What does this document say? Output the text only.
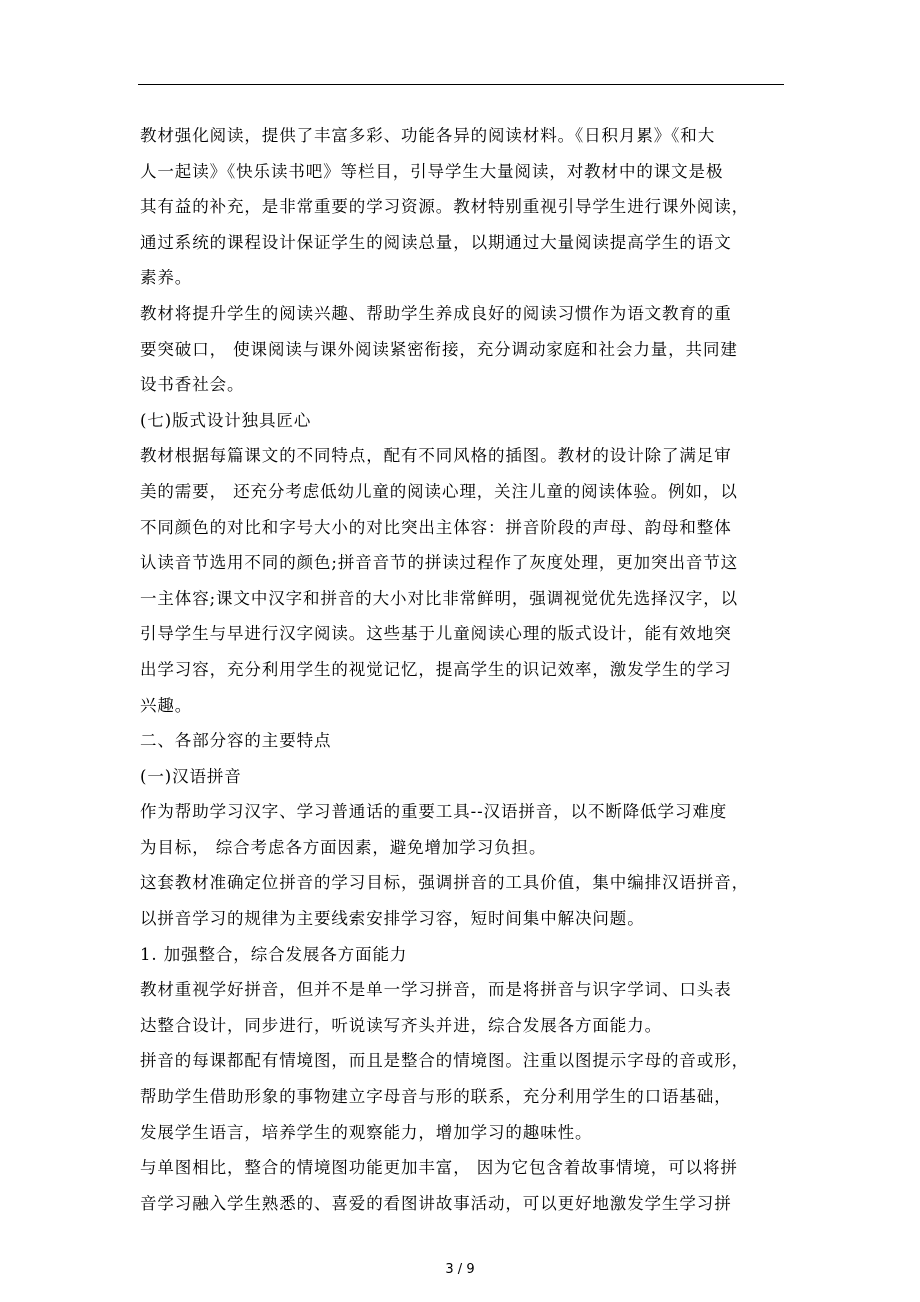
教材强化阅读，提供了丰富多彩、功能各异的阅读材料。《日积月累》《和大
人一起读》《快乐读书吧》等栏目，引导学生大量阅读，对教材中的课文是极
其有益的补充，是非常重要的学习资源。教材特别重视引导学生进行课外阅读，
通过系统的课程设计保证学生的阅读总量，以期通过大量阅读提高学生的语文
素养。
教材将提升学生的阅读兴趣、帮助学生养成良好的阅读习惯作为语文教育的重
要突破口， 使课阅读与课外阅读紧密衔接，充分调动家庭和社会力量，共同建
设书香社会。
(七)版式设计独具匠心
教材根据每篇课文的不同特点，配有不同风格的插图。教材的设计除了满足审
美的需要， 还充分考虑低幼儿童的阅读心理，关注儿童的阅读体验。例如，以
不同颜色的对比和字号大小的对比突出主体容：拼音阶段的声母、韵母和整体
认读音节选用不同的颜色;拼音音节的拼读过程作了灰度处理，更加突出音节这
一主体容;课文中汉字和拼音的大小对比非常鲜明，强调视觉优先选择汉字，以
引导学生与早进行汉字阅读。这些基于儿童阅读心理的版式设计，能有效地突
出学习容，充分利用学生的视觉记忆，提高学生的识记效率，激发学生的学习
兴趣。
二、各部分容的主要特点
(一)汉语拼音
作为帮助学习汉字、学习普通话的重要工具--汉语拼音，以不断降低学习难度
为目标， 综合考虑各方面因素，避免增加学习负担。
这套教材准确定位拼音的学习目标，强调拼音的工具价值，集中编排汉语拼音，
以拼音学习的规律为主要线索安排学习容，短时间集中解决问题。
1. 加强整合，综合发展各方面能力
教材重视学好拼音，但并不是单一学习拼音，而是将拼音与识字学词、口头表
达整合设计，同步进行，听说读写齐头并进，综合发展各方面能力。
拼音的每课都配有情境图，而且是整合的情境图。注重以图提示字母的音或形，
帮助学生借助形象的事物建立字母音与形的联系，充分利用学生的口语基础，
发展学生语言，培养学生的观察能力，增加学习的趣味性。
与单图相比，整合的情境图功能更加丰富， 因为它包含着故事情境，可以将拼
音学习融入学生熟悉的、喜爱的看图讲故事活动，可以更好地激发学生学习拼
3 / 9
